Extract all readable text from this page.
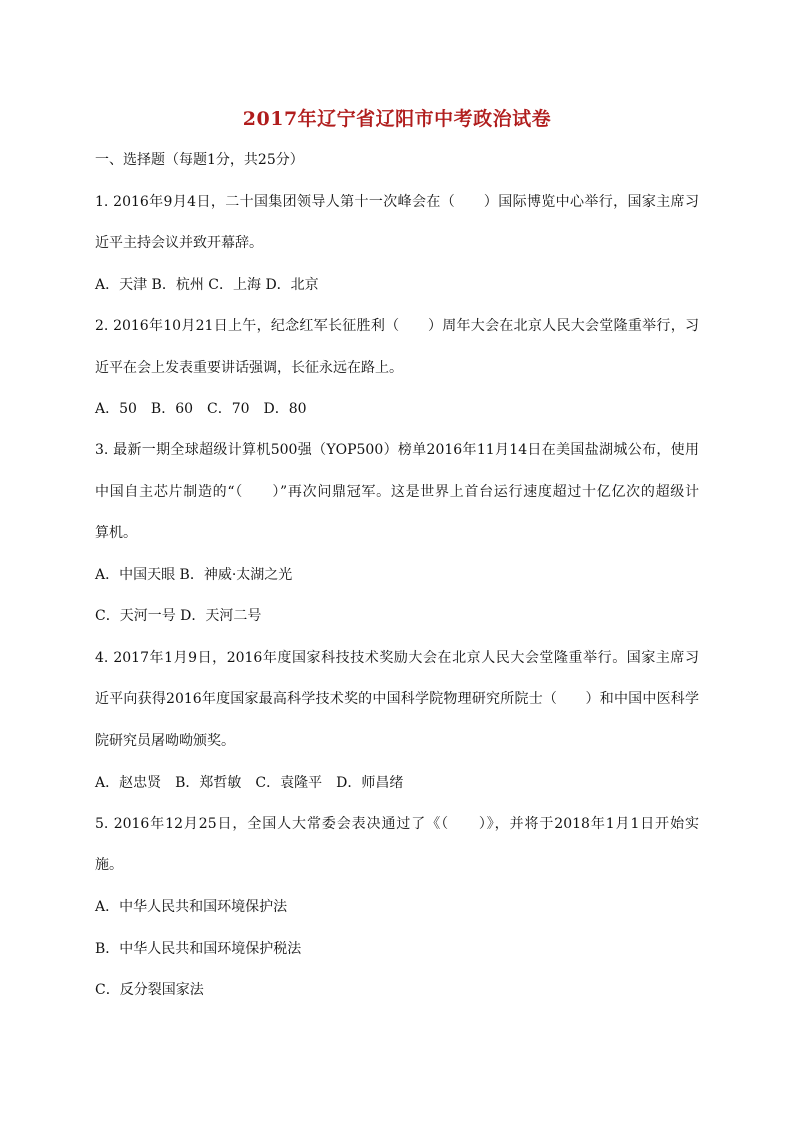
2017年辽宁省辽阳市中考政治试卷
一、选择题（每题1分，共25分）
1. 2016年9月4日，二十国集团领导人第十一次峰会在（　　）国际博览中心举行，国家主席习
近平主持会议并致开幕辞。
A．天津 B．杭州 C．上海 D．北京
2. 2016年10月21日上午，纪念红军长征胜利（　　）周年大会在北京人民大会堂隆重举行，习
近平在会上发表重要讲话强调，长征永远在路上。
A．50　B．60　C．70　D．80
3. 最新一期全球超级计算机500强（YOP500）榜单2016年11月14日在美国盐湖城公布，使用
中国自主芯片制造的“（　　）”再次问鼎冠军。这是世界上首台运行速度超过十亿亿次的超级计
算机。
A．中国天眼 B．神威·太湖之光
C．天河一号 D．天河二号
4. 2017年1月9日，2016年度国家科技技术奖励大会在北京人民大会堂隆重举行。国家主席习
近平向获得2016年度国家最高科学技术奖的中国科学院物理研究所院士（　　）和中国中医科学
院研究员屠呦呦颁奖。
A．赵忠贤　B．郑哲敏　C．袁隆平　D．师昌绪
5. 2016年12月25日，全国人大常委会表决通过了《（　　）》，并将于2018年1月1日开始实
施。
A．中华人民共和国环境保护法
B．中华人民共和国环境保护税法
C．反分裂国家法
